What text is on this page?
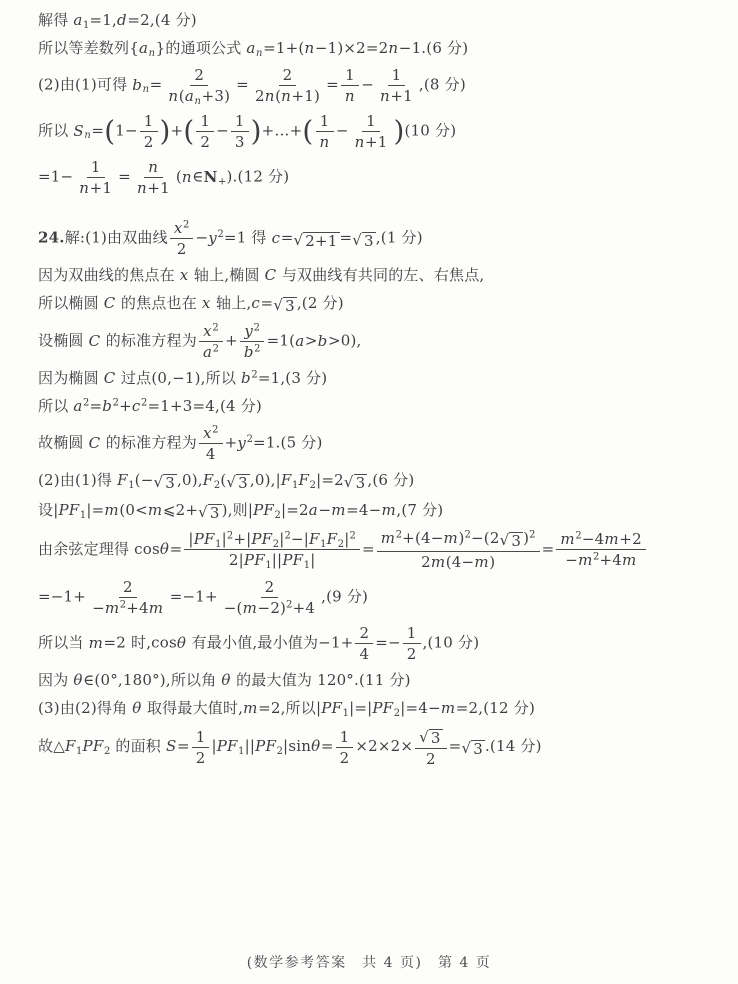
解得 $a_1=1,d=2,(4$ 分)
所以等差数列$\{a_n\}$的通项公式 $a_n=1+(n-1)\times 2=2n-1.(6$ 分)
(2)由(1)可得 $b_n= \frac{2}{n(a_n+3)} = \frac{2}{2n(n+1)} = \frac{1}{n} - \frac{1}{n+1} ,(8$ 分)
所以 $S_n=(1- \frac{1}{2}$ )+( $\frac{1}{2} - \frac{1}{3}$ )+…+( $\frac{1}{n} - \frac{1}{n+1} )(10$ 分)
$=1- \frac{1}{n+1} = \frac{n}{n+1}$ $(n\in N_+).(12$ 分)
24.解:(1)由双曲线 $\frac{x^2}{2} -y^2=1$ 得 c= √ 2+1 = √ 3 ,(1 分)
因为双曲线的焦点在 x 轴上,椭圆 C 与双曲线有共同的左、右焦点,
所以椭圆 C 的焦点也在 x 轴上,c= √ 3 ,(2 分)
设椭圆 C 的标准方程为 $\frac{x^2}{a^2} + \frac{y^2}{b^2} =1(a>b>0)$,
因为椭圆 C 过点(0,−1),所以 $b^2=1,(3$ 分)
所以 $a^2=b^2+c^2=1+3=4,(4$ 分)
故椭圆 C 的标准方程为 $\frac{x^2}{4} +y^2=1.(5$ 分)
(2)由(1)得 $F_1(-$ √ 3 $,0),F_2$( √ 3 $,0),|F_1F_2|=2$ √ 3 ,(6 分)
设$|PF_1|=m(0<m⩽2+$ √ 3 ),则$|PF_2|=2a-m=4-m,(7$ 分)
由余弦定理得 $\cos\theta= \frac{|PF_1|^2+|PF_2|^2-|F_1F_2|^2}{2|PF_1||PF_1|} = \frac{m^2+(4-m)^2-(2 √ 3 )^2}{2m(4-m)} = \frac{m^2-4m+2}{-m^2+4m}$
$=-1+ \frac{2}{-m^2+4m} =-1+ \frac{2}{-(m-2)^2+4} ,(9$ 分)
所以当 m=2 时,cosθ 有最小值,最小值为$-1+ \frac{2}{4} =- \frac{1}{2} ,(10$ 分)
因为 θ∈(0°,180°),所以角 θ 的最大值为 120°.(11 分)
(3)由(2)得角 θ 取得最大值时,m=2,所以$|PF_1|=|PF_2|=4-m=2,(12$ 分)
故$\triangle F_1PF_2$ 的面积 $S= \frac{1}{2} |PF_1||PF_2|\sin\theta= \frac{1}{2} \times 2\times 2\times \frac{√ 3}{2}$ = √ 3 .(14 分)
(数学参考答案　共 4 页)　第 4 页
